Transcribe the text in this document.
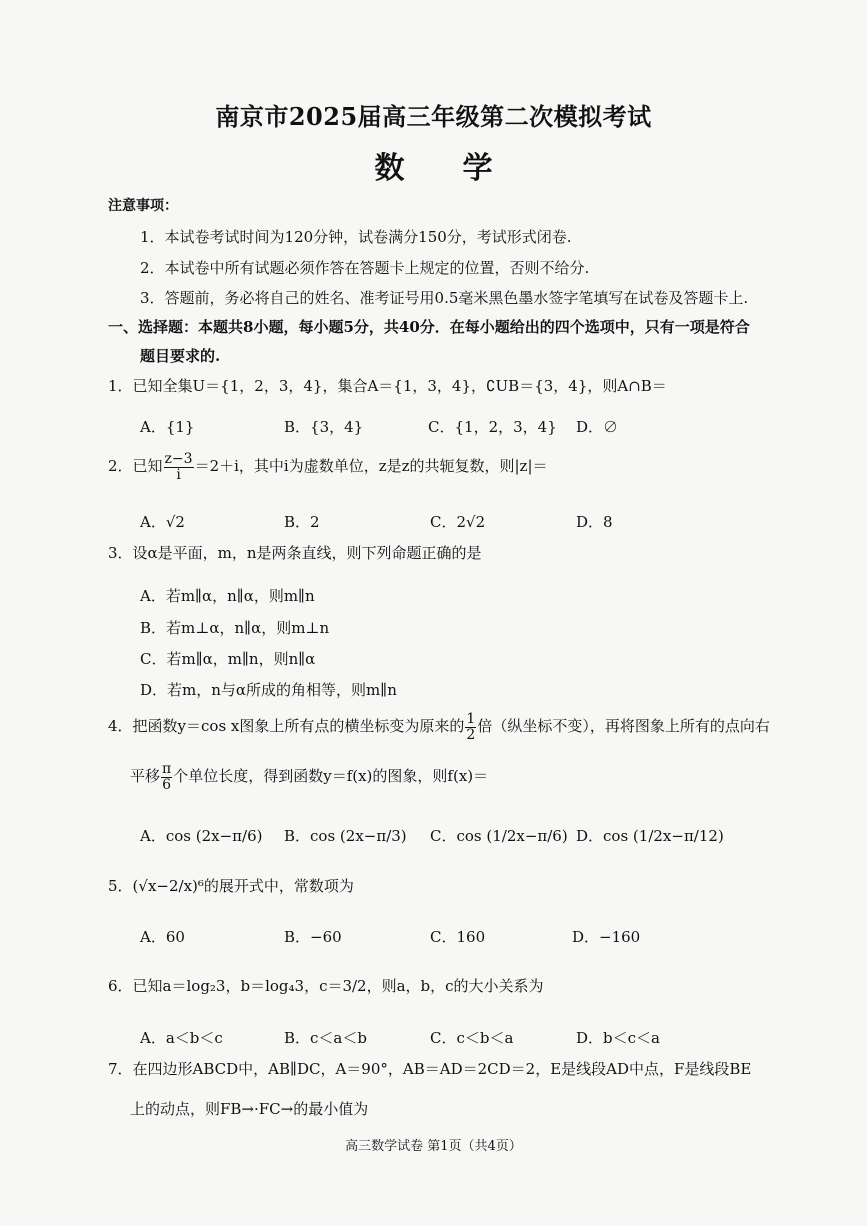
南京市2025届高三年级第二次模拟考试
数学
注意事项：
1．本试卷考试时间为120分钟，试卷满分150分，考试形式闭卷.
2．本试卷中所有试题必须作答在答题卡上规定的位置，否则不给分.
3．答题前，务必将自己的姓名、准考证号用0.5毫米黑色墨水签字笔填写在试卷及答题卡上.
一、选择题：本题共8小题，每小题5分，共40分．在每小题给出的四个选项中，只有一项是符合
题目要求的.
1．已知全集U＝{1，2，3，4}，集合A＝{1，3，4}，∁UB＝{3，4}，则A∩B＝
A．{1}	B．{3，4}	C．{1，2，3，4} D．∅
2．已知 $\frac{z-3}{i} =2+i$，其中i为虚数单位，z是z的共轭复数，则|z|＝
A．√2	B．2	C．2√2	D．8
3．设α是平面，m，n是两条直线，则下列命题正确的是
A．若m∥α，n∥α，则m∥n
B．若m⊥α，n∥α，则m⊥n
C．若m∥α，m∥n，则n∥α
D．若m，n与α所成的角相等，则m∥n
4．把函数y＝cos x图象上所有点的横坐标变为原来的 $\frac{1}{2}$ 倍（纵坐标不变），再将图象上所有的点向右
平移 $\frac{\pi}{6}$ 个单位长度，得到函数y＝f(x)的图象，则f(x)＝
A．cos (2x−π/6) B．cos (2x−π/3) C．cos (1/2x−π/6) D．cos (1/2x−π/12)
5．(√x−2/x)⁶的展开式中，常数项为
A．60	B．−60	C．160	D．−160
6．已知a＝log₂3，b＝log₄3，c＝3/2，则a，b，c的大小关系为
A．a＜b＜c	B．c＜a＜b	C．c＜b＜a	D．b＜c＜a
7．在四边形ABCD中，AB∥DC，A＝90°，AB＝AD＝2CD＝2，E是线段AD中点，F是线段BE
上的动点，则FB→·FC→的最小值为
高三数学试卷 第1页（共4页）
